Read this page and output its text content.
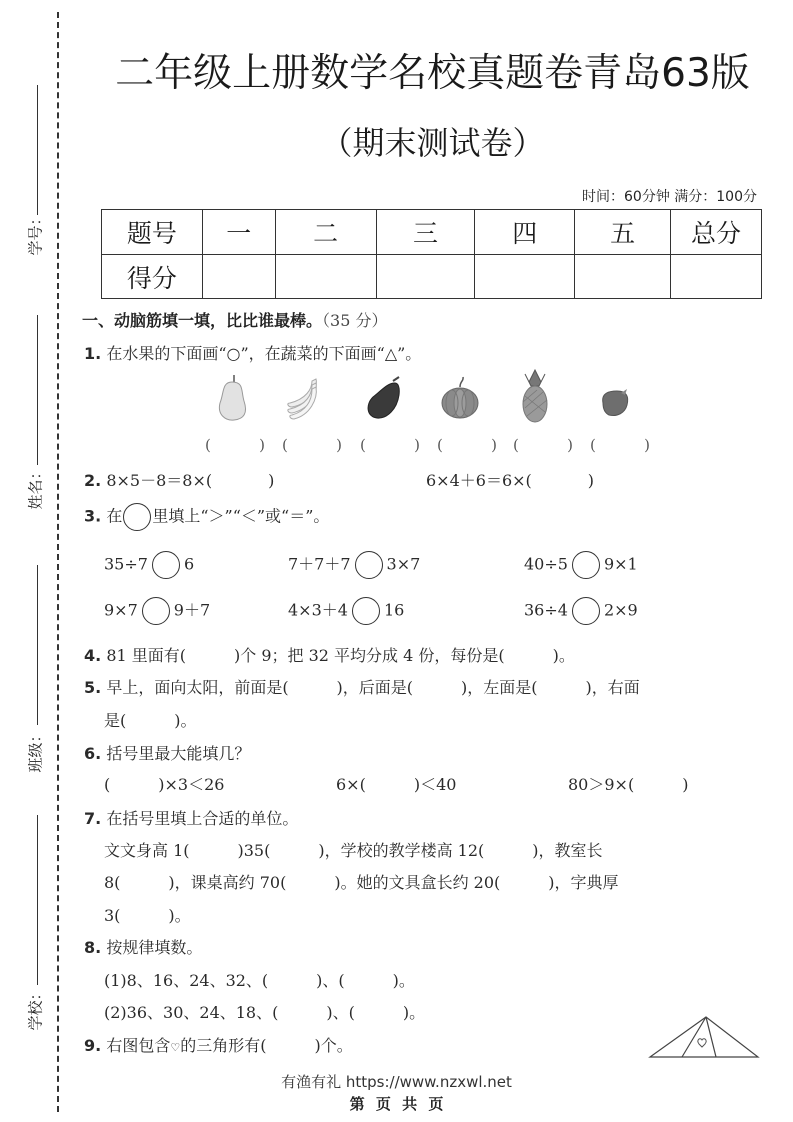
学号：
姓名：
班级：
学校：
二年级上册数学名校真题卷青岛63版
（期末测试卷）
时间：60分钟 满分：100分
题号	一	二	三	四	五	总分
得分						
一、动脑筋填一填，比比谁最棒。（35 分）
1. 在水果的下面画“○”，在蔬菜的下面画“△”。
(	) (	) (	) (	) (	) (	)
2. 8×5－8＝8×(	)	6×4＋6＝6×(	)
3. 在 里填上“＞”“＜”或“＝”。
35÷7 6	7＋7＋7 3×7	40÷5 9×1
9×7 9＋7	4×3＋4 16	36÷4 2×9
4. 81 里面有(　　　)个 9；把 32 平均分成 4 份，每份是(　　　)。
5. 早上，面向太阳，前面是(　　　)，后面是(　　　)，左面是(　　　)，右面
是(　　　)。
6. 括号里最大能填几？
(　　　)×3＜26	6×(　　　)＜40	80＞9×(　　　)
7. 在括号里填上合适的单位。
文文身高 1(　　　)35(　　　)，学校的教学楼高 12(　　　)，教室长
8(　　　)，课桌高约 70(　　　)。她的文具盒长约 20(　　　)，字典厚
3(　　　)。
8. 按规律填数。
(1)8、16、24、32、(　　　)、(　　　)。
(2)36、30、24、18、(　　　)、(　　　)。
9. 右图包含♡的三角形有(　　　)个。
有渔有礼 https://www.nzxwl.net
第 页 共 页
